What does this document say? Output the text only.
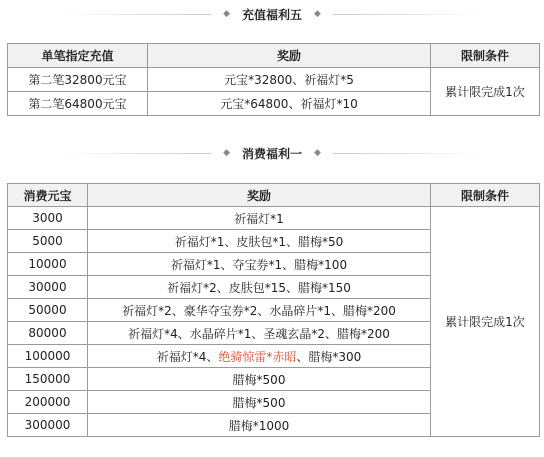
◆ 充值福利五 ◆
单笔指定充值	奖励	限制条件
第二笔32800元宝	元宝*32800、祈福灯*5	累计限完成1次
第二笔64800元宝	元宝*64800、祈福灯*10	
◆ 消费福利一 ◆
消费元宝	奖励	限制条件
3000	祈福灯*1	累计限完成1次
5000	祈福灯*1、皮肤包*1、腊梅*50	
10000	祈福灯*1、夺宝券*1、腊梅*100	
30000	祈福灯*2、皮肤包*15、腊梅*150	
50000	祈福灯*2、豪华夺宝券*2、水晶碎片*1、腊梅*200	
80000	祈福灯*4、水晶碎片*1、圣魂玄晶*2、腊梅*200	
100000	祈福灯*4、绝骑惊雷*赤昭、腊梅*300	
150000	腊梅*500	
200000	腊梅*500	
300000	腊梅*1000	
